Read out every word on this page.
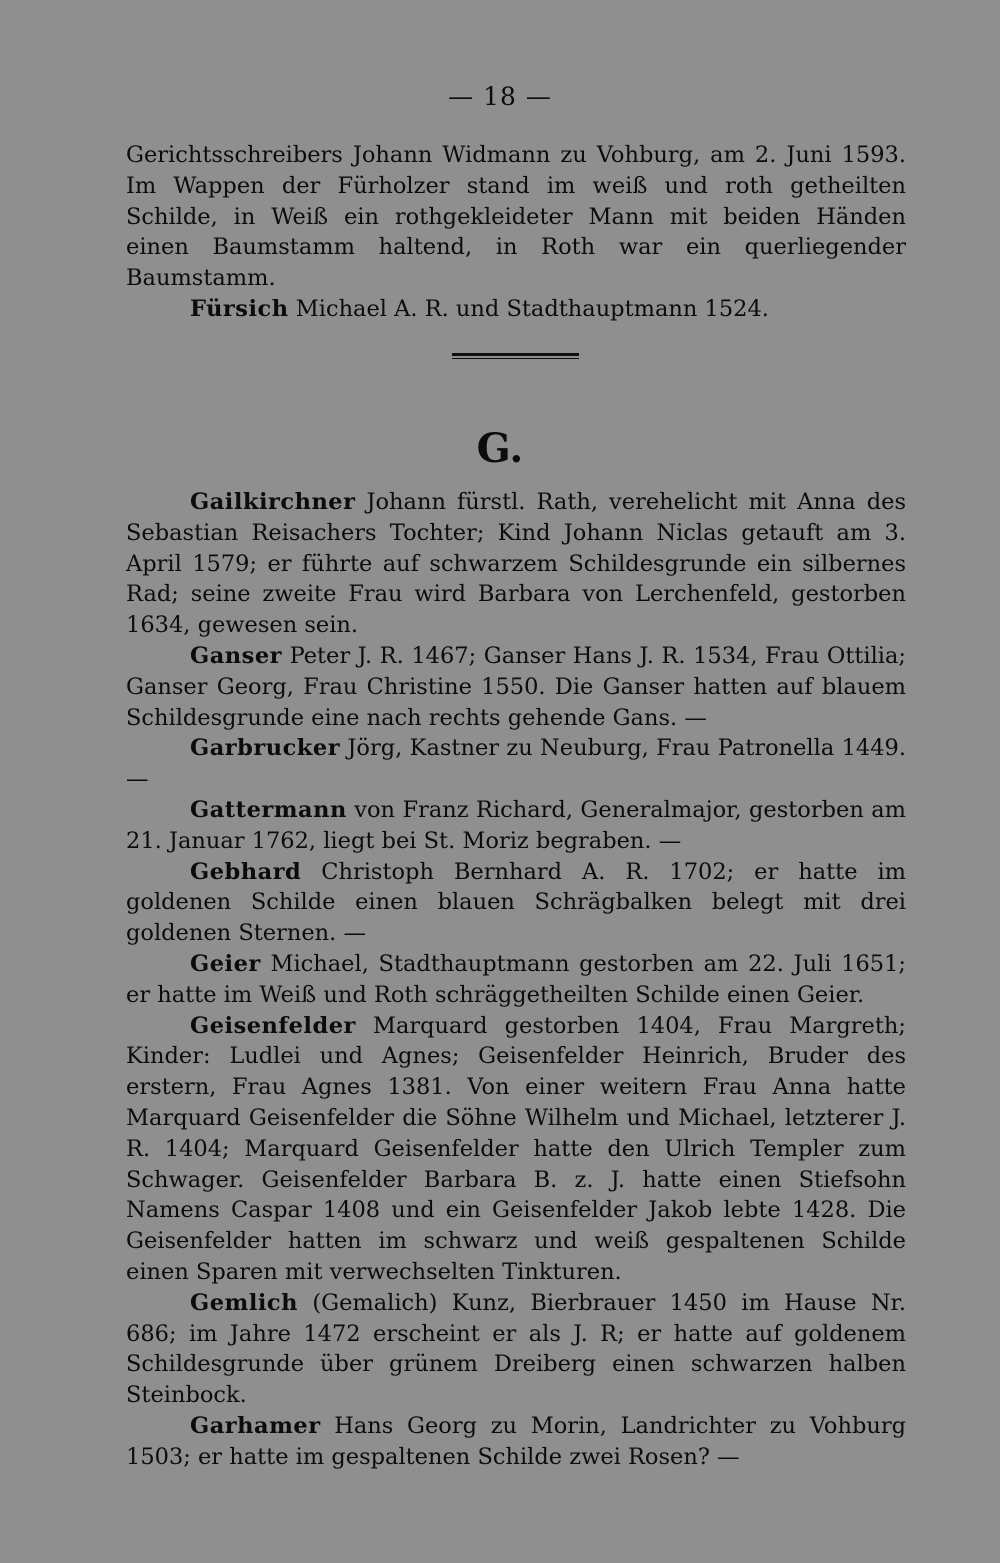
— 18 —

Gerichtsschreibers Johann Widmann zu Vohburg, am 2. Juni 1593. Im Wappen der Fürholzer stand im weiß und roth getheilten Schilde, in Weiß ein rothgekleideter Mann mit beiden Händen einen Baumstamm haltend, in Roth war ein querliegender Baumstamm.

Fürsich Michael A. R. und Stadthauptmann 1524.

G.

Gailkirchner Johann fürstl. Rath, verehelicht mit Anna des Sebastian Reisachers Tochter; Kind Johann Niclas getauft am 3. April 1579; er führte auf schwarzem Schildesgrunde ein silbernes Rad; seine zweite Frau wird Barbara von Lerchenfeld, gestorben 1634, gewesen sein.

Ganser Peter J. R. 1467; Ganser Hans J. R. 1534, Frau Ottilia; Ganser Georg, Frau Christine 1550. Die Ganser hatten auf blauem Schildesgrunde eine nach rechts gehende Gans. —

Garbrucker Jörg, Kastner zu Neuburg, Frau Patronella 1449. —

Gattermann von Franz Richard, Generalmajor, gestorben am 21. Januar 1762, liegt bei St. Moriz begraben. —

Gebhard Christoph Bernhard A. R. 1702; er hatte im goldenen Schilde einen blauen Schrägbalken belegt mit drei goldenen Sternen. —

Geier Michael, Stadthauptmann gestorben am 22. Juli 1651; er hatte im Weiß und Roth schräggetheilten Schilde einen Geier.

Geisenfelder Marquard gestorben 1404, Frau Margreth; Kinder: Ludlei und Agnes; Geisenfelder Heinrich, Bruder des erstern, Frau Agnes 1381. Von einer weitern Frau Anna hatte Marquard Geisenfelder die Söhne Wilhelm und Michael, letzterer J. R. 1404; Marquard Geisenfelder hatte den Ulrich Templer zum Schwager. Geisenfelder Barbara B. z. J. hatte einen Stiefsohn Namens Caspar 1408 und ein Geisenfelder Jakob lebte 1428. Die Geisenfelder hatten im schwarz und weiß gespaltenen Schilde einen Sparen mit verwechselten Tinkturen.

Gemlich (Gemalich) Kunz, Bierbrauer 1450 im Hause Nr. 686; im Jahre 1472 erscheint er als J. R; er hatte auf goldenem Schildesgrunde über grünem Dreiberg einen schwarzen halben Steinbock.

Garhamer Hans Georg zu Morin, Landrichter zu Vohburg 1503; er hatte im gespaltenen Schilde zwei Rosen? —
